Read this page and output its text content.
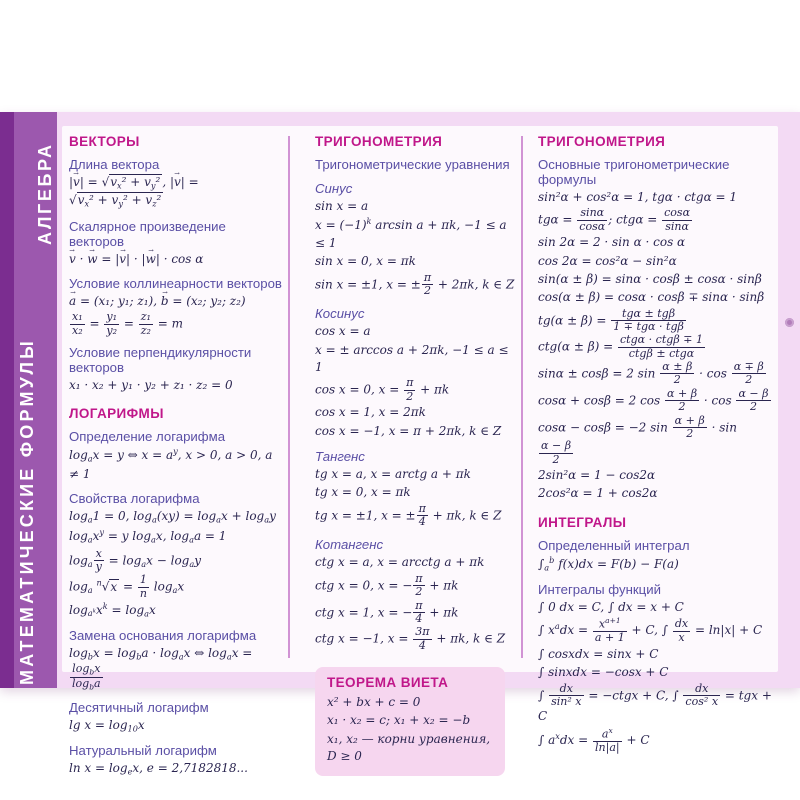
МАТЕМАТИЧЕСКИЕ ФОРМУЛЫ
АЛГЕБРА
ВЕКТОРЫ
Длина вектора
|v →| = $√v_x^2 + v_y^2$ , |v →| = $√v_x^2 + v_y^2 + v_z^2$
Скалярное произведение векторов
v → · w → = |v →| · |w →| · cos α
Условие коллинеарности векторов
a → = (x₁; y₁; z₁), b → = (x₂; y₂; z₂)
$\frac{\text{x₁}}{\text{x₂}} = \frac{\text{y₁}}{\text{y₂}} = \frac{\text{z₁}}{\text{z₂}} = m$
Условие перпендикулярности векторов
x₁ · x₂ + y₁ · y₂ + z₁ · z₂ = 0
ЛОГАРИФМЫ
Определение логарифма
$\log_ax = y$ ⇔ $x = a^y$, x > 0, a > 0, a ≠ 1
Свойства логарифма
$\log_a1 = 0$, $\log_a(xy) = \log_ax + \log_ay$
$\log_ax^y = y$ $\log_ax$, $\log_aa = 1$
$\log_a \frac{x}{y} = \log_ax - \log_ay$
$\log_a ^n√x = \frac{1}{n} \log_ax$
$\log_{a^k}x^k = \log_ax$
Замена основания логарифма
$\log_bx = \log_ba \cdot \log_ax$ ⇔ $\log_ax$ =
$\frac{\log_bx}{\log_ba}$
Десятичный логарифм
$\lg x = \log_{10}x$
Натуральный логарифм
$\ln x = \log_ex$, e = 2,7182818...
ТРИГОНОМЕТРИЯ
Тригонометрические уравнения
Синус
sin x = a
$x = (-1)^k$ arcsin a + πk, −1 ≤ a ≤ 1
sin x = 0, x = πk
sin x = ±1, x = ± $\frac{\pi}{2} + 2\pi k$, k ∈ Z
Косинус
cos x = a
x = ± arccos a + 2πk, −1 ≤ a ≤ 1
cos x = 0, $x = \frac{\pi}{2} + \pi k$
cos x = 1, x = 2πk
cos x = −1, x = π + 2πk, k ∈ Z
Тангенс
tg x = a, x = arctg a + πk
tg x = 0, x = πk
tg x = ±1, x = ± $\frac{\pi}{4} + \pi k$, k ∈ Z
Котангенс
ctg x = a, x = arcctg a + πk
ctg x = 0, x = − $\frac{\pi}{2} + \pi k$
ctg x = 1, x = − $\frac{\pi}{4} + \pi k$
ctg x = −1, $x = \frac{3\pi}{4} + \pi k$, k ∈ Z
ТЕОРЕМА ВИЕТА
x² + bx + c = 0
x₁ · x₂ = c; x₁ + x₂ = −b
x₁, x₂ — корни уравнения, D ≥ 0
ТРИГОНОМЕТРИЯ
Основные тригонометрические формулы
sin²α + cos²α = 1, tgα · ctgα = 1
$tg\alpha = \frac{\sin\alpha}{\cos\alpha}$ ; $ctg\alpha = \frac{\cos\alpha}{\sin\alpha}$
sin 2α = 2 · sin α · cos α
cos 2α = cos²α − sin²α
sin(α ± β) = sinα · cosβ ± cosα · sinβ
cos(α ± β) = cosα · cosβ ∓ sinα · sinβ
$tg(\alpha \pm \beta) = \frac{\text{tgα ± tgβ}}{\text{1 ∓ tgα · tgβ}}$
$ctg(\alpha \pm \beta) = \frac{\text{ctgα · ctgβ ∓ 1}}{\text{ctgβ ± ctgα}}$
sinα ± cosβ = 2 $\sin \frac{\alpha \pm \beta}{2} \cdot \cos \frac{\alpha \mp \beta}{2}$
cosα + cosβ = 2 $\cos \frac{\alpha + \beta}{2} \cdot \cos \frac{\alpha - \beta}{2}$
cosα − cosβ = −2 $\sin \frac{\alpha + \beta}{2} \cdot \sin$
$\frac{\alpha - \beta}{2}$
2sin²α = 1 − cos2α
2cos²α = 1 + cos2α
ИНТЕГРАЛЫ
Определенный интеграл
$\int_a^b$ f(x)dx = F(b) − F(a)
Интегралы функций
∫ 0 dx = C, ∫ dx = x + C
∫ $x^adx = \frac{x^{a+1}}{a + 1} + C$, ∫ $\frac{dx}{x} = \ln|x| + C$
∫ cosxdx = sinx + C
∫ sinxdx = −cosx + C
∫ $\frac{dx}{\text{sin² x}}$ = −ctgx + C, ∫ $\frac{dx}{\text{cos² x}}$ = tgx + C
∫ $a^xdx = \frac{a^x}{\ln|a|} + C$
